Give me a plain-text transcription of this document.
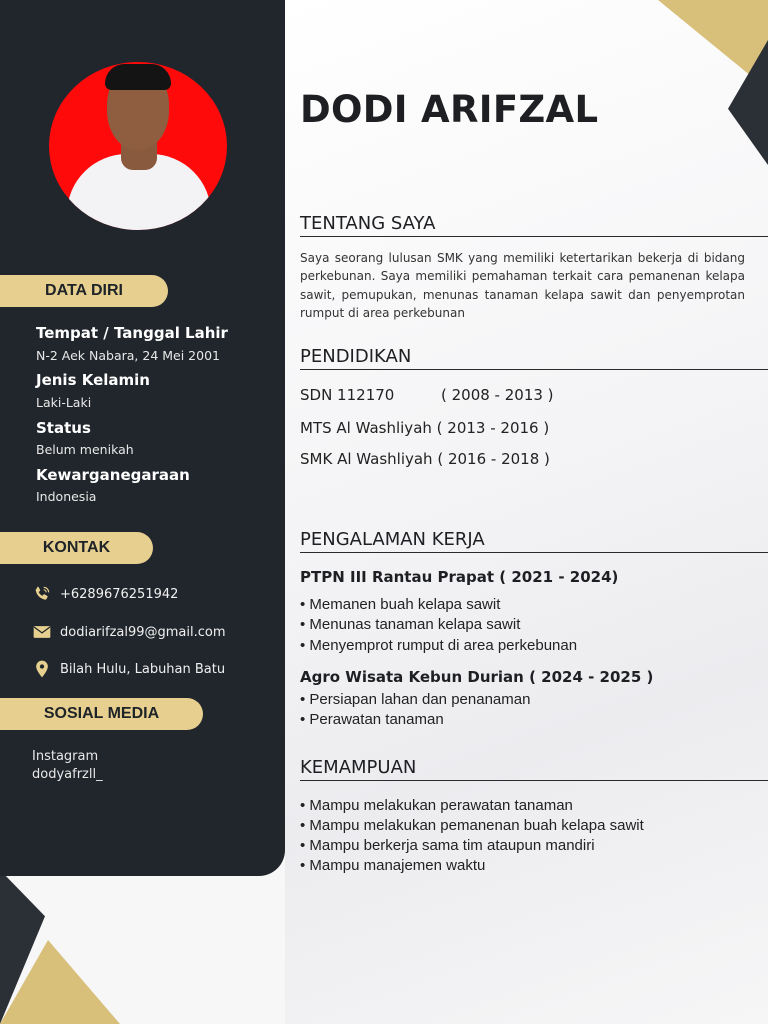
DATA DIRI
Tempat / Tanggal Lahir
N-2 Aek Nabara, 24 Mei 2001
Jenis Kelamin
Laki-Laki
Status
Belum menikah
Kewarganegaraan
Indonesia
KONTAK
+6289676251942
dodiarifzal99@gmail.com
Bilah Hulu, Labuhan Batu
SOSIAL MEDIA
Instagram
dodyafrzll_
DODI ARIFZAL
TENTANG SAYA
Saya seorang lulusan SMK yang memiliki ketertarikan bekerja di bidang perkebunan. Saya memiliki pemahaman terkait cara pemanenan kelapa sawit, pemupukan, menunas tanaman kelapa sawit dan penyemprotan rumput di area perkebunan
PENDIDIKAN
SDN 112170	( 2008 - 2013 )
MTS Al Washliyah ( 2013 - 2016 )
SMK Al Washliyah ( 2016 - 2018 )
PENGALAMAN KERJA
PTPN III Rantau Prapat ( 2021 - 2024)
• Memanen buah kelapa sawit
• Menunas tanaman kelapa sawit
• Menyemprot rumput di area perkebunan
Agro Wisata Kebun Durian ( 2024 - 2025 )
• Persiapan lahan dan penanaman
• Perawatan tanaman
KEMAMPUAN
• Mampu melakukan perawatan tanaman
• Mampu melakukan pemanenan buah kelapa sawit
• Mampu berkerja sama tim ataupun mandiri
• Mampu manajemen waktu
